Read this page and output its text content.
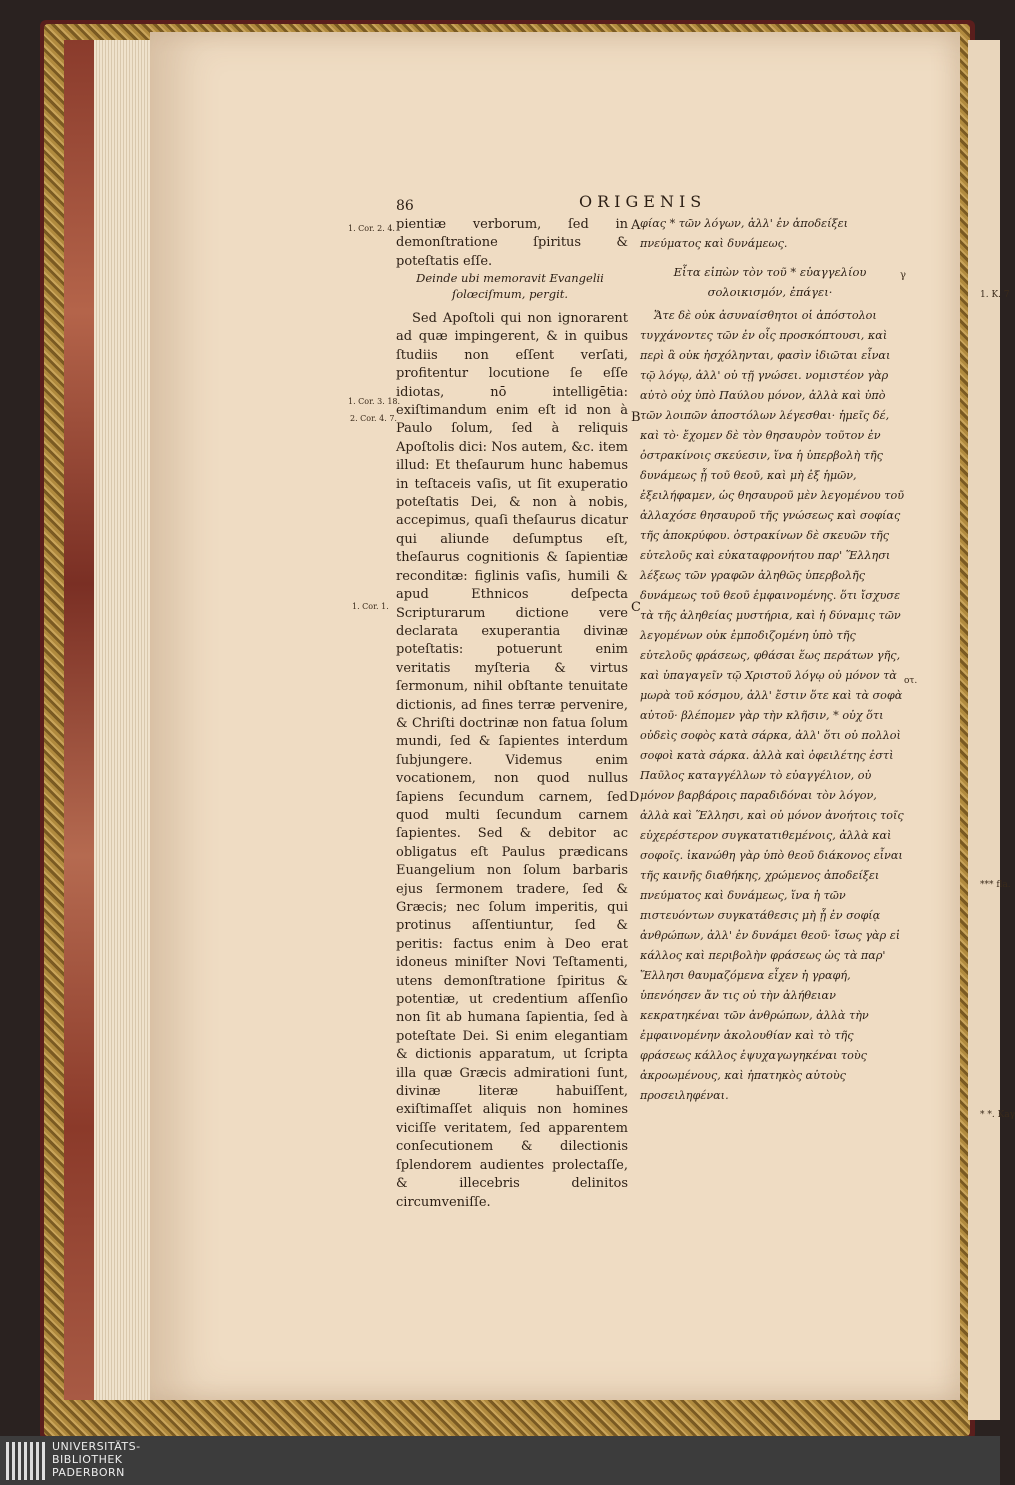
1. K. 7
*** fla.
* *. Kaγ
86	ORIGENIS
1. Cor. 2. 4.
1. Cor. 3. 18.
2. Cor. 4. 7.
1. Cor. 1.
A
B
C
D

pientiæ verborum, ſed in demonſtratione ſpiritus & poteſtatis eſſe.

Deinde ubi memoravit Evangelii ſolœciſmum, pergit.

Sed Apoſtoli qui non ignorarent ad quæ impingerent, & in quibus ſtudiis non eſſent verſati, profitentur locutione ſe eſſe idiotas, nō intelligētia: exiſtimandum enim eſt id non à Paulo ſolum, ſed à reliquis Apoſtolis dici: Nos autem, &c. item illud: Et theſaurum hunc habemus in teſtaceis vaſis, ut ſit exuperatio poteſtatis Dei, & non à nobis, accepimus, quaſi theſaurus dicatur qui aliunde deſumptus eſt, theſaurus cognitionis & ſapientiæ reconditæ: figlinis vaſis, humili & apud Ethnicos deſpecta Scripturarum dictione vere declarata exuperantia divinæ poteſtatis: potuerunt enim veritatis myſteria & virtus ſermonum, nihil obſtante tenuitate dictionis, ad fines terræ pervenire, & Chriſti doctrinæ non fatua ſolum mundi, ſed & ſapientes interdum ſubjungere. Videmus enim vocationem, non quod nullus ſapiens ſecundum carnem, ſed quod multi ſecundum carnem ſapientes. Sed & debitor ac obligatus eſt Paulus prædicans Euangelium non ſolum barbaris ejus ſermonem tradere, ſed & Græcis; nec ſolum imperitis, qui protinus aſſentiuntur, ſed & peritis: factus enim à Deo erat idoneus miniſter Novi Teſtamenti, utens demonſtratione ſpiritus & potentiæ, ut credentium aſſenſio non ſit ab humana ſapientia, ſed à poteſtate Dei. Si enim elegantiam & dictionis apparatum, ut ſcripta illa quæ Græcis admirationi ſunt, divinæ literæ habuiſſent, exiſtimaſſet aliquis non homines viciſſe veritatem, ſed apparentem conſecutionem & dilectionis ſplendorem audientes prolectaſſe, & illecebris delinitos circumveniſſe.

φίας * τῶν λόγων, ἀλλ' ἐν ἀποδείξει πνεύματος καὶ δυνάμεως.

Εἶτα εἰπὼν τὸν τοῦ * εὐαγγελίου σολοικισμόν, ἐπάγει·

Ἅτε δὲ οὐκ ἀσυναίσθητοι οἱ ἀπόστολοι τυγχάνοντες τῶν ἐν οἷς προσκόπτουσι, καὶ περὶ ἃ οὐκ ἠσχόληνται, φασὶν ἰδιῶται εἶναι τῷ λόγῳ, ἀλλ' οὐ τῇ γνώσει. νομιστέον γὰρ αὐτὸ οὐχ ὑπὸ Παύλου μόνον, ἀλλὰ καὶ ὑπὸ τῶν λοιπῶν ἀποστόλων λέγεσθαι· ἡμεῖς δέ, καὶ τὸ· ἔχομεν δὲ τὸν θησαυρὸν τοῦτον ἐν ὀστρακίνοις σκεύεσιν, ἵνα ἡ ὑπερβολὴ τῆς δυνάμεως ᾖ τοῦ θεοῦ, καὶ μὴ ἐξ ἡμῶν, ἐξειλήφαμεν, ὡς θησαυροῦ μὲν λεγομένου τοῦ ἀλλαχόσε θησαυροῦ τῆς γνώσεως καὶ σοφίας τῆς ἀποκρύφου. ὀστρακίνων δὲ σκευῶν τῆς εὐτελοῦς καὶ εὐκαταφρονήτου παρ' Ἕλλησι λέξεως τῶν γραφῶν ἀληθῶς ὑπερβολῆς δυνάμεως τοῦ θεοῦ ἐμφαινομένης. ὅτι ἴσχυσε τὰ τῆς ἀληθείας μυστήρια, καὶ ἡ δύναμις τῶν λεγομένων οὐκ ἐμποδιζομένη ὑπὸ τῆς εὐτελοῦς φράσεως, φθάσαι ἕως περάτων γῆς, καὶ ὑπαγαγεῖν τῷ Χριστοῦ λόγῳ οὐ μόνον τὰ μωρὰ τοῦ κόσμου, ἀλλ' ἔστιν ὅτε καὶ τὰ σοφὰ αὐτοῦ· βλέπομεν γὰρ τὴν κλῆσιν, * οὐχ ὅτι οὐδεὶς σοφὸς κατὰ σάρκα, ἀλλ' ὅτι οὐ πολλοὶ σοφοὶ κατὰ σάρκα. ἀλλὰ καὶ ὀφειλέτης ἐστὶ Παῦλος καταγγέλλων τὸ εὐαγγέλιον, οὐ μόνον βαρβάροις παραδιδόναι τὸν λόγον, ἀλλὰ καὶ Ἕλλησι, καὶ οὐ μόνον ἀνοήτοις τοῖς εὐχερέστερον συγκατατιθεμένοις, ἀλλὰ καὶ σοφοῖς. ἱκανώθη γὰρ ὑπὸ θεοῦ διάκονος εἶναι τῆς καινῆς διαθήκης, χρώμενος ἀποδείξει πνεύματος καὶ δυνάμεως, ἵνα ἡ τῶν πιστευόντων συγκατάθεσις μὴ ᾖ ἐν σοφίᾳ ἀνθρώπων, ἀλλ' ἐν δυνάμει θεοῦ· ἴσως γὰρ εἰ κάλλος καὶ περιβολὴν φράσεως ὡς τὰ παρ' Ἕλλησι θαυμαζόμενα εἶχεν ἡ γραφή, ὑπενόησεν ἄν τις οὐ τὴν ἀλήθειαν κεκρατηκέναι τῶν ἀνθρώπων, ἀλλὰ τὴν ἐμφαινομένην ἀκολουθίαν καὶ τὸ τῆς φράσεως κάλλος ἐψυχαγωγηκέναι τοὺς ἀκροωμένους, καὶ ἠπατηκὸς αὐτοὺς προσειληφέναι.

γ
οτ.
UNIVERSITÄTS-
BIBLIOTHEK
PADERBORN
